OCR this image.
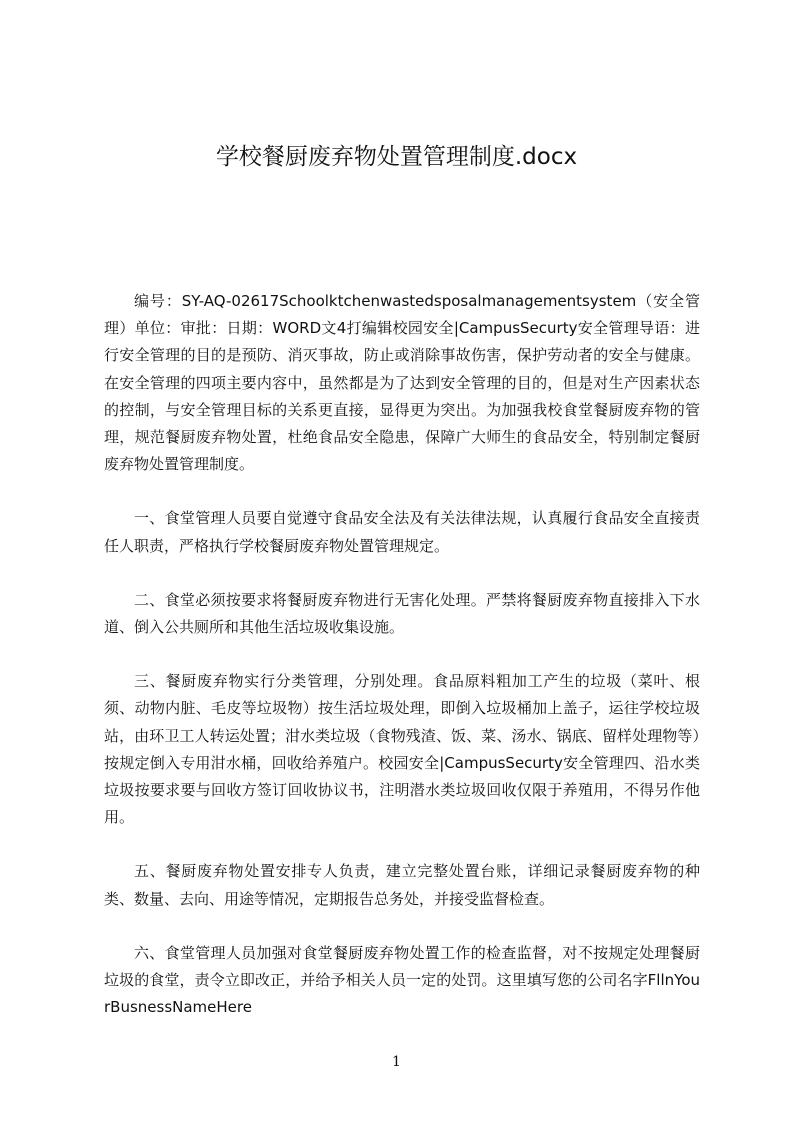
学校餐厨废弃物处置管理制度.docx

编号：SY-AQ-02617Schoolktchenwastedsposalmanagementsystem（安全管理）单位：审批：日期：WORD文4打编辑校园安全|CampusSecurty安全管理导语：进行安全管理的目的是预防、消灭事故，防止或消除事故伤害，保护劳动者的安全与健康。在安全管理的四项主要内容中，虽然都是为了达到安全管理的目的，但是对生产因素状态的控制，与安全管理目标的关系更直接，显得更为突出。为加强我校食堂餐厨废弃物的管理，规范餐厨废弃物处置，杜绝食品安全隐患，保障广大师生的食品安全，特别制定餐厨废弃物处置管理制度。

一、食堂管理人员要自觉遵守食品安全法及有关法律法规，认真履行食品安全直接责任人职责，严格执行学校餐厨废弃物处置管理规定。

二、食堂必须按要求将餐厨废弃物进行无害化处理。严禁将餐厨废弃物直接排入下水道、倒入公共厕所和其他生活垃圾收集设施。

三、餐厨废弃物实行分类管理，分别处理。食品原料粗加工产生的垃圾（菜叶、根须、动物内脏、毛皮等垃圾物）按生活垃圾处理，即倒入垃圾桶加上盖子，运往学校垃圾站，由环卫工人转运处置；泔水类垃圾（食物残渣、饭、菜、汤水、锅底、留样处理物等）按规定倒入专用泔水桶，回收给养殖户。校园安全|CampusSecurty安全管理四、沿水类垃圾按要求要与回收方签订回收协议书，注明潜水类垃圾回收仅限于养殖用，不得另作他用。

五、餐厨废弃物处置安排专人负责，建立完整处置台账，详细记录餐厨废弃物的种类、数量、去向、用途等情况，定期报告总务处，并接受监督检查。

六、食堂管理人员加强对食堂餐厨废弃物处置工作的检查监督，对不按规定处理餐厨垃圾的食堂，责令立即改正，并给予相关人员一定的处罚。这里填写您的公司名字FllnYourBusnessNameHere

1
